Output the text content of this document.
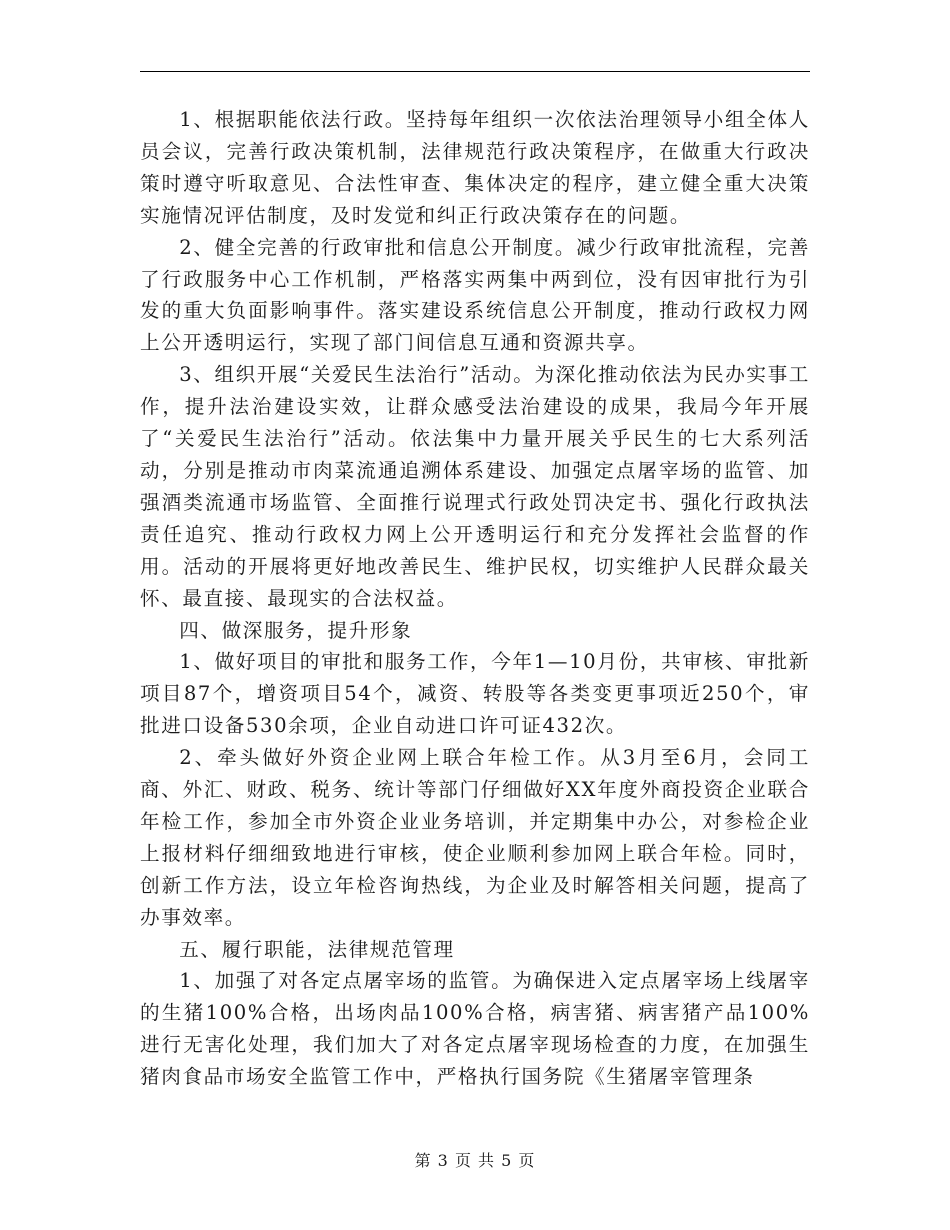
1、根据职能依法行政。坚持每年组织一次依法治理领导小组全体人员会议，完善行政决策机制，法律规范行政决策程序，在做重大行政决策时遵守听取意见、合法性审查、集体决定的程序，建立健全重大决策实施情况评估制度，及时发觉和纠正行政决策存在的问题。

2、健全完善的行政审批和信息公开制度。减少行政审批流程，完善了行政服务中心工作机制，严格落实两集中两到位，没有因审批行为引发的重大负面影响事件。落实建设系统信息公开制度，推动行政权力网上公开透明运行，实现了部门间信息互通和资源共享。

3、组织开展“关爱民生法治行”活动。为深化推动依法为民办实事工作，提升法治建设实效，让群众感受法治建设的成果，我局今年开展了“关爱民生法治行”活动。依法集中力量开展关乎民生的七大系列活动，分别是推动市肉菜流通追溯体系建设、加强定点屠宰场的监管、加强酒类流通市场监管、全面推行说理式行政处罚决定书、强化行政执法责任追究、推动行政权力网上公开透明运行和充分发挥社会监督的作用。活动的开展将更好地改善民生、维护民权，切实维护人民群众最关怀、最直接、最现实的合法权益。

四、做深服务，提升形象

1、做好项目的审批和服务工作，今年1—10月份，共审核、审批新项目87个，增资项目54个，减资、转股等各类变更事项近250个，审批进口设备530余项，企业自动进口许可证432次。

2、牵头做好外资企业网上联合年检工作。从3月至6月，会同工商、外汇、财政、税务、统计等部门仔细做好XX年度外商投资企业联合年检工作，参加全市外资企业业务培训，并定期集中办公，对参检企业上报材料仔细细致地进行审核，使企业顺利参加网上联合年检。同时，创新工作方法，设立年检咨询热线，为企业及时解答相关问题，提高了办事效率。

五、履行职能，法律规范管理

1、加强了对各定点屠宰场的监管。为确保进入定点屠宰场上线屠宰的生猪100%合格，出场肉品100%合格，病害猪、病害猪产品100%进行无害化处理，我们加大了对各定点屠宰现场检查的力度，在加强生猪肉食品市场安全监管工作中，严格执行国务院《生猪屠宰管理条

第 3 页 共 5 页
